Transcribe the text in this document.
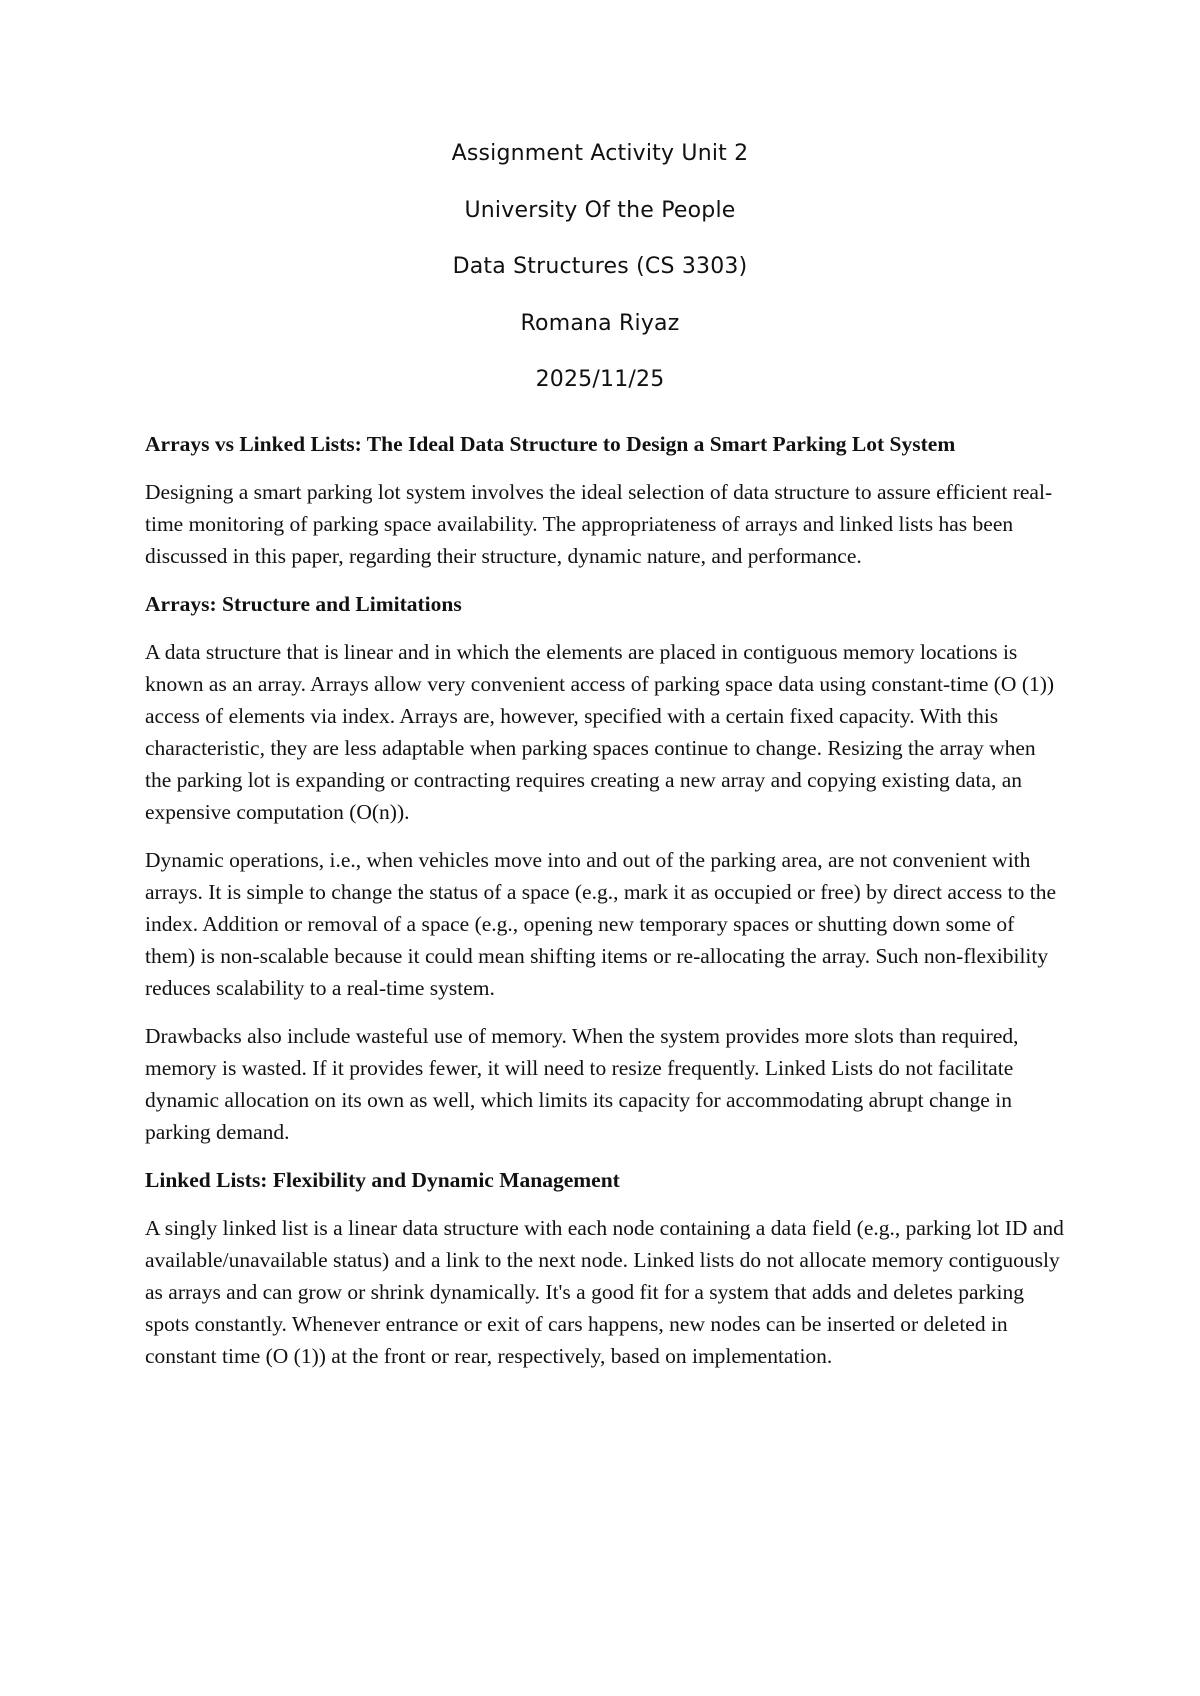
Assignment Activity Unit 2
University Of the People
Data Structures (CS 3303)
Romana Riyaz
2025/11/25

Arrays vs Linked Lists: The Ideal Data Structure to Design a Smart Parking Lot System

Designing a smart parking lot system involves the ideal selection of data structure to assure efficient real-time monitoring of parking space availability. The appropriateness of arrays and linked lists has been discussed in this paper, regarding their structure, dynamic nature, and performance.

Arrays: Structure and Limitations

A data structure that is linear and in which the elements are placed in contiguous memory locations is known as an array. Arrays allow very convenient access of parking space data using constant-time (O (1)) access of elements via index. Arrays are, however, specified with a certain fixed capacity. With this characteristic, they are less adaptable when parking spaces continue to change. Resizing the array when the parking lot is expanding or contracting requires creating a new array and copying existing data, an expensive computation (O(n)).

Dynamic operations, i.e., when vehicles move into and out of the parking area, are not convenient with arrays. It is simple to change the status of a space (e.g., mark it as occupied or free) by direct access to the index. Addition or removal of a space (e.g., opening new temporary spaces or shutting down some of them) is non-scalable because it could mean shifting items or re-allocating the array. Such non-flexibility reduces scalability to a real-time system.

Drawbacks also include wasteful use of memory. When the system provides more slots than required, memory is wasted. If it provides fewer, it will need to resize frequently. Linked Lists do not facilitate dynamic allocation on its own as well, which limits its capacity for accommodating abrupt change in parking demand.

Linked Lists: Flexibility and Dynamic Management

A singly linked list is a linear data structure with each node containing a data field (e.g., parking lot ID and available/unavailable status) and a link to the next node. Linked lists do not allocate memory contiguously as arrays and can grow or shrink dynamically. It's a good fit for a system that adds and deletes parking spots constantly. Whenever entrance or exit of cars happens, new nodes can be inserted or deleted in constant time (O (1)) at the front or rear, respectively, based on implementation.
